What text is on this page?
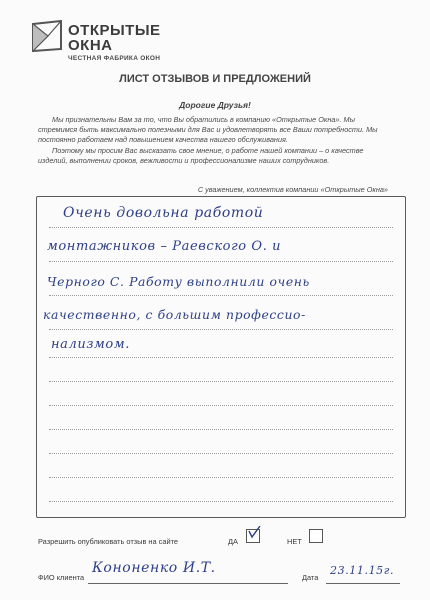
ОТКРЫТЫЕ
ОКНА
ЧЕСТНАЯ ФАБРИКА ОКОН
ЛИСТ ОТЗЫВОВ И ПРЕДЛОЖЕНИЙ
Дорогие Друзья!

Мы признательны Вам за то, что Вы обратились в компанию «Открытые Окна». Мы стремимся быть максимально полезными для Вас и удовлетворять все Ваши потребности. Мы постоянно работаем над повышением качества нашего обслуживания.

Поэтому мы просим Вас высказать свое мнение, о работе нашей компании – о качестве изделий, выполнении сроков, вежливости и профессионализме наших сотрудников.

С уважением, коллектив компании «Открытые Окна»
Очень довольна работой
монтажников – Раевского О. и
Черного С. Работу выполнили очень
качественно, с большим профессио-
нализмом.
Разрешить опубликовать отзыв на сайте	ДА	НЕТ
ФИО клиента
Кононенко И.Т.
Дата
23.11.15г.
